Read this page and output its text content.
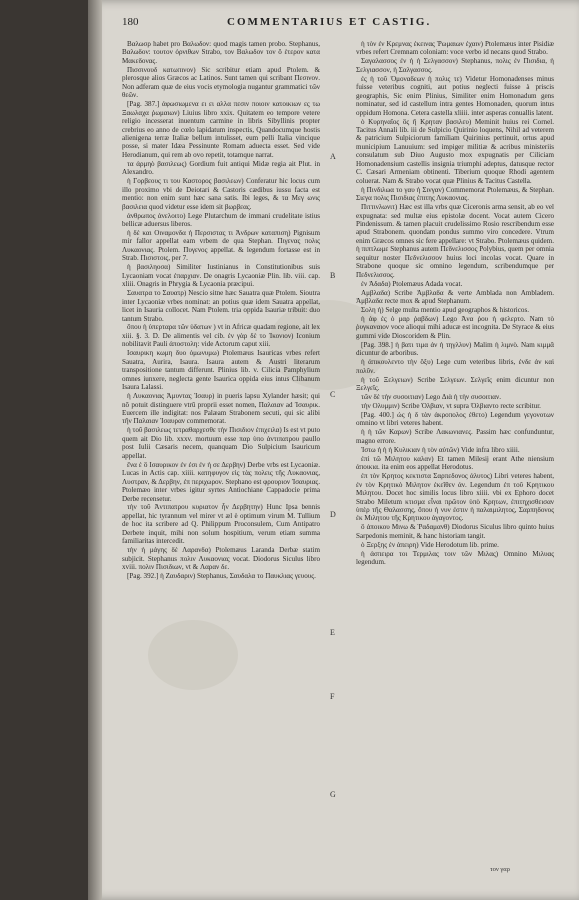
180	COMMENTARIUS ET CASTIG.

Βαλωσρ habet pro Βαλωδον: quod magis tamen probo. Stephanus, Βαλωδον: τουτον ὀρνιθων Strabo, τον Βαλωδον τον ὃ ἑτερον κατα Μακεδονας.

Πισσινουδ κατωπινον) Sic scribitur etiam apud Ptolem. & plerosque alios Græcos ac Latinos. Sunt tamen qui scribant Πεσινον. Non adferam quæ de eius vocis etymologia nugantur grammatici τῶν θεῶν.

[Pag. 387.] ἀφωσιωμενα ει ει αλλα πεσιν ποιοιν κατοικιων ες τω Ξαωλαχα ῥωμαιων) Liuius libro xxix. Quitatem eo tempore vetere religio incesserat inuentum carmine in libris Sibyllinis propter crebrius eo anno de cœlo lapidatum inspectis, Quandocumque hostis alienigena terræ Italiæ bellum intulisset, eum pelli Italia vincique posse, si mater Idæa Pessinunte Romam aduecta esset. Sed vide Herodianum, qui rem ab ovo repetit, totamque narrat.

τα ἀρμηὸ βασιλεως) Gordium fuit antiqui Midæ regia ait Plut. in Alexandro.

ἡ Γορβεους τι του Καστορος βασιλεων) Conferatur hic locus cum illo proximo vbi de Deiotari & Castoris cædibus iussu facta est mentio: non enim sunt hæc sana satis. Ibi leges, & τα Μεγ ωνις βασιλεια quod videtur esse idem sit βωρβεας.

ἀνθρωπος ἀνελοιτο) Lege Plutarchum de immani crudelitate istius bellicæ aduersus liberos.

ἡ δὲ και Οιναμονδα ἡ Περσιστας τι Ἀνδρων καταπιση) Pignisum mir fallor appellat eam vrbem de qua Stephan. Πιγενας πολις Λυκαονιας. Ptolem. Πυγενος appellat. & legendum fortasse est in Strab. Πισιστοις, per 7.

ἡ βασιληοσα) Similiter Iustinianus in Constitutionibus suis Lycaoniam vocat ἐπαρχιαν. De onagris Lycaoniæ Plin. lib. viii. cap. xliii. Onagris in Phrygia & Lycaonia præcipui.

Σαυατρα το Σαυατρ) Nescio sitne hæc Sauatra quæ Ptolem. Sioutra inter Lycaoniæ vrbes nominat: an potius quæ idem Sauatra appellat, licet in Isauria collocet. Nam Ptolem. tria oppida Isauriæ tribuit: duo tantum Strabo.

ὅπου ἡ ὑπερταρα τῶν ὑδατων ) vt in Africæ quadam regione, ait lex xiii. §. 3. D. De alimentis vel cib. ἐν γὰρ δὲ το Ἰκονιον) Iconium nobilitavit Pauli ἀποστολη: vide Actorum caput xiii.

Ισαυρικη κωμη δυο ὁμωνυμω) Ptolemæus Isauricas vrbes refert Sauatra, Aurira, Isaura. Isaura autem & Austri literarum transpositione tantum differunt. Plinius lib. v. Cilicia Pamphylium omnes iunxere, neglecta gente Isaurica oppida eius intus Clibanum Isaura Lalassi.

ἡ Λυκαονιας Ἀμυντας Ἰσαυρ) in pueris lapsu Xylander hæsit; qui nō potuit distinguere vtrū proprii esset nomen, Παλαιαν ad Ἰσαυρικ. Euercem ille indigitat: nos Palæam Strabonem secuti, qui sic alibi τῆν Παλαιαν Ἰσαυραν commemorat.

ἡ τοῦ βασιλεως τετραθαρχεσθε τὴν Πισιδιον ἐπιχειλα) Is est vt puto quem ait Dio lib. xxxv. mortuum esse παρ ὑπο ἀντιπατρου paullo post Iulii Cæsaris necem, quanquam Dio Sulpicium Isauricum appellat.

ἕνα ἐ ὃ Ισαυρικον ἐν ἐσι ἐν ἡ σε Δερβην) Derbe vrbs est Lycaoniæ. Lucas in Actis cap. xiiii. κατηφυγον εἰς τὰς πολεις τῆς Λυκαονιας, Λυστραν, & Δερβην, ἐπ περιχωρον. Stephano est φρουριον Ἰσαυριας. Ptolemæo inter vrbes igitur syrtes Antiochiane Cappadocie prima Derbe recensetur.

τὴν τοῦ Ἀντιπατρου κυριατον ἦν Δερβητην) Hunc Ipsa bennis appellat, hic tyrannum vel mirer vt æl è optimum virum M. Tullium de hoc ita scribere ad Q. Philippum Proconsulem, Cum Antipatro Derbete inquit, mihi non solum hospitium, verum etiam summa familiaritas intercedit.

τὴν ἡ μάγης δὲ Λαρανδα) Ptolemæus Laranda Derbæ statim subjicit. Stephanus πολιν Λυκαονιας vocat. Diodorus Siculus libro xviii. πολιν Πισιδιων, vt & Λαραν δε.

[Pag. 392.] ἡ Ζαυδαριν) Stephanus, Σαυδαλα το Παυκλιας γευους.

A
B
C
D
E
F
G

ἡ τὸν ἐν Κρεμνας ἐκεινας Ῥωμαιων ἐχαιν) Ptolemæus inter Pisidiæ vrbes refert Cremnam coloniam: voce verbo id necans quod Strabo.

Σαγαλασσος ἐν ἡ ἡ Σελγασσον) Stephanus, πολις ἐν Πισιδια, ἡ Σελγιασσον, ἡ Σαλγασσος.

ἐς ἡ τοῦ Ὀμοναδεων ἡ πολις τε) Videtur Homonadenses minus fuisse veteribus cogniti, aut potius neglecti fuisse à priscis geographis, Sic enim Plinius, Similiter enim Homonadum gens nominatur, sed id castellum intra gentes Homonaden, quorum intus oppidum Homona. Cetera castella xliiii. inter asperas conuallis latent.

ὁ Κυρηναῖος ὃς ἢ Κρηταν βασιλευ) Meminit huius rei Cornel. Tacitus Annali lib. iii de Sulpicio Quirinio loquens, Nihil ad veterem & patricium Sulpiciorum familiam Quirinius pertinuit, ortus apud municipium Lanuuium: sed impiger militiæ & acribus ministeriis consulatum sub Diuo Augusto mox expugnatis per Ciliciam Homonadensium castellis insignia triumphi adeptus, datusque rector C. Cæsari Armeniam obtinenti. Tiberium quoque Rhodi agentem coluerat. Nam & Strabo vocat quæ Plinius & Tacitus Castella.

ἡ Πινδιλωα το γαυ ἡ Σινγαν) Commemorat Ptolemæus, & Stephan. Σιεγα πολις Πισιδιας ἐπιτης Λυκαονιας.

Πιττινλωνιτ) Hæc est illa vrbs quæ Ciceronis arma sensit, ab eo vel expugnata: sed multæ eius epistolæ docent. Vocat autem Cicero Pindenissum. & tamen placuit crudelissimo Rosio rescribendum esse apud Strabonem. quondam pondus summo viro concedere. Vtrum enim Græcos omnes sic fere appellare: vt Strabo. Ptolemæus quidem. ἡ πιπτλωμε Stephanus autem Πεδνελισσος Polybius, quem per omnia sequitur noster Πεδνελισσον huius loci incolas vocat. Quare in Strabone quoque sic omnino legendum, scribendumque per Πεδνελισσος.

ἐν Ἀδαδα) Ptolemæus Adada vocat.

Αμβλαδα) Scribe Ἀμβλαδα & verte Amblada non Ambladem. Ἀμβλαδα recte mox & apud Stephanum.

Σολη ἡ) Selge multa mentio apud geographos & historicos.

ἡ ἀφ ἐς ὁ μαρ ῥαβδων) Lego Ἀνα ῥου ἡ φελερτο. Nam τὸ ῥυγκαναιον voce alioqui mihi aducæ est incognita. De Styrace & eius gummi vide Dioscoridem & Plin.

[Pag. 398.] ἡ βατι τιμα ἀν ἡ τηγλλυν) Malim ἡ λιμνὸ. Nam κιμμᾶ dicuntur de arboribus.

ἡ ἀπικουλεντο τὴν ὄξυ) Lege cum veteribus libris, ἐνδε ἀν καὶ πολῦν.

ἡ τοῦ Ξελγειων) Scribe Σελγεων. Σελγεῖς enim dicuntur non Ξελγεῖς.

τῶν δὲ τὴν συσοιτιαν) Lego Διὰ ἡ τὴν συσοιτιαν.

τὴν Ολυμμιν) Scribe Ὀλβιαν, vt supra Ὀλβιαντο recte scribitur.

[Pag. 400.] ὡς ἡ δ τὰν ἀκροπολος ἐθετο) Legendum γεγονοτων omnino vt libri veteres habent.

ἡ ἡ τῶν Καρων) Scribe Λακωνιανες. Passim hæc confunduntur, magno errore.

Ἱστω ἡ ἡ ἡ Κυλικιαν ἡ τὸν αὐτῶν) Vide infra libro xiiii.

ἐπί τῶ Μιλητου καλαν) Et tamen Milesij erant Athe niensium ἀποικια. ita enim eos appellat Herodotus.

ἐπ τὸν Κρητος κεκτιστα Σαρπεδονος ἀλυτος) Libri veteres habent, ἐν τὸν Κρητικὸ Μιλητον ἐκεῖθεν ἀν. Legendum ἐπ τοῦ Κρητικου Μιλητου. Docet hoc similis locus libro xiiii. vbi ex Ephoro docet Strabo Miletum κτισμα εἶναι πρῶτον ὑπὸ Κρητων, ἐπιτηχισθεισαν ὑπὲρ τῆς Θαλασσης, ὅπου ἡ νυν ἐστιν ἡ παλαιμιλητος, Σαρπηδονος ἐκ Μιλητου τῆς Κρητικου ἀγαγοντος.

ὃ ἀποικου Μινω & Ῥαδαμανθ) Diodorus Siculus libro quinto huius Sarpedonis meminit, & hanc historiam tangit.

ὁ Ξερξης ἐν ἀπειρη) Vide Herodotum lib. prime.

ἡ ἀσπειρα τοι Τερμιλας τοιν τῶν Μιλας) Omnino Μιλυας legendum.

τον γαρ
